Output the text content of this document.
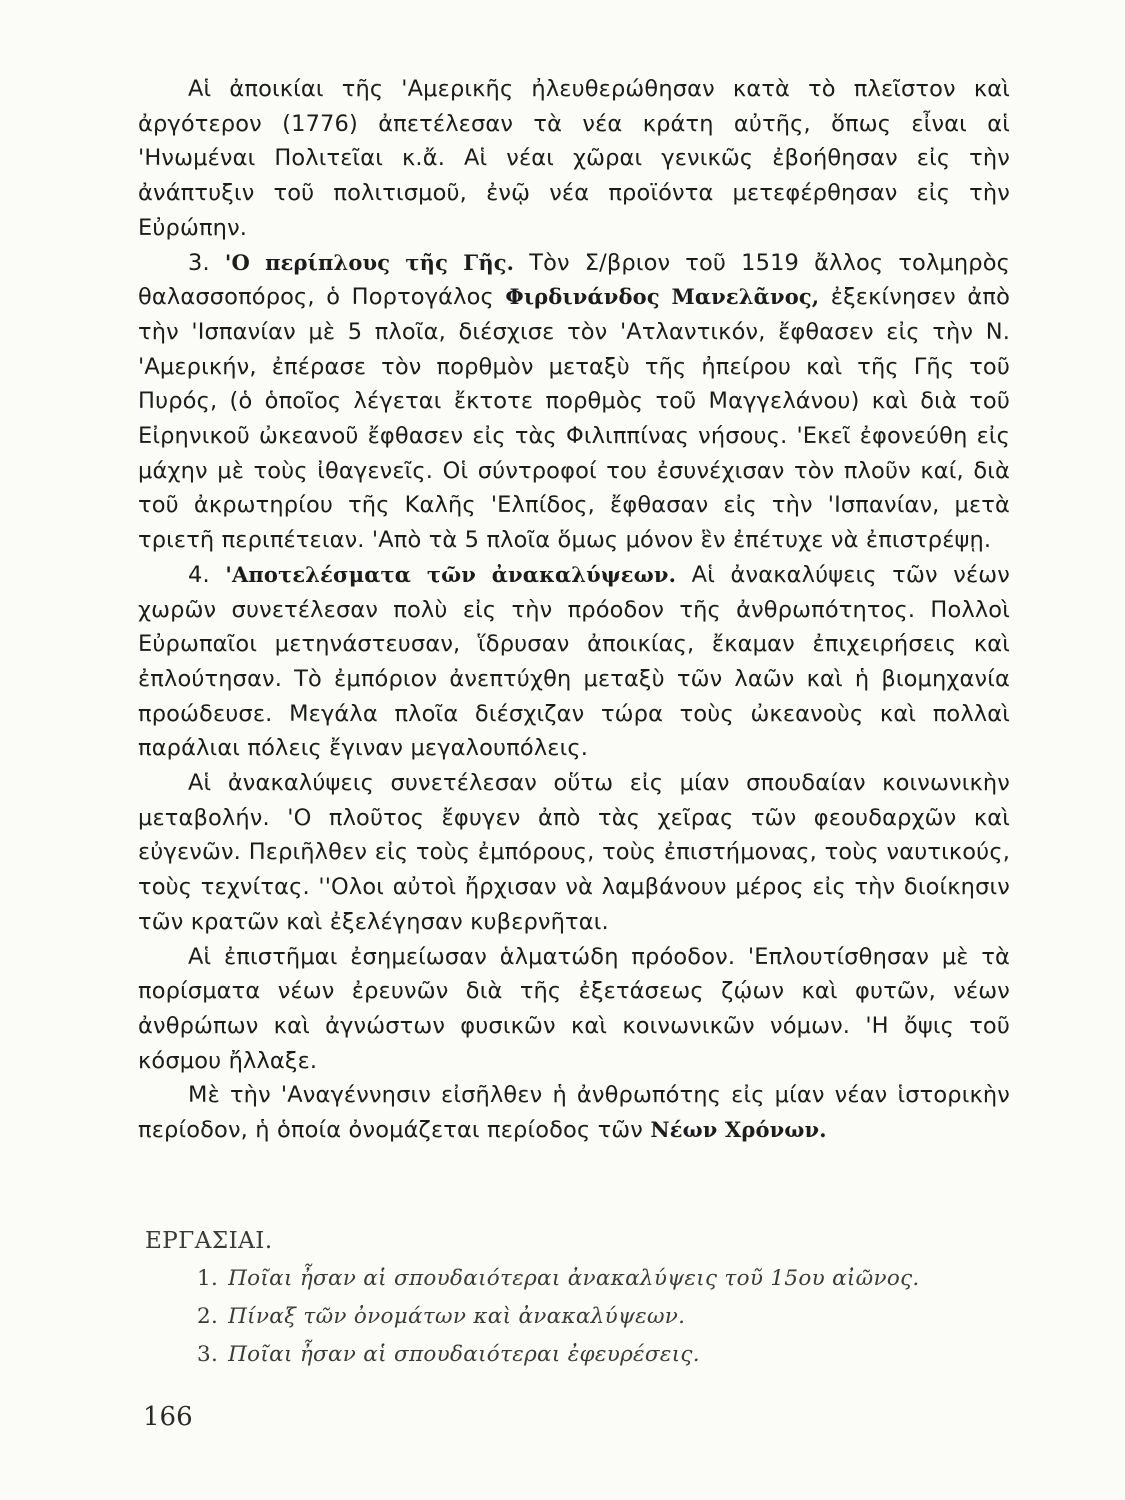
Αἱ ἀποικίαι τῆς 'Αμερικῆς ἠλευθερώθησαν κατὰ τὸ πλεῖστον καὶ ἀργότερον (1776) ἀπετέλεσαν τὰ νέα κράτη αὐτῆς, ὅπως εἶναι αἱ 'Ηνωμέναι Πολιτεῖαι κ.ἄ. Αἱ νέαι χῶραι γενικῶς ἐβοήθησαν εἰς τὴν ἀνάπτυξιν τοῦ πολιτισμοῦ, ἐνῷ νέα προϊόντα μετεφέρθησαν εἰς τὴν Εὐρώπην.

3. 'Ο περίπλους τῆς Γῆς. Τὸν Σ/βριον τοῦ 1519 ἄλλος τολμηρὸς θαλασσοπόρος, ὁ Πορτογάλος Φιρδινάνδος Μανελᾶνος, ἐξεκίνησεν ἀπὸ τὴν 'Ισπανίαν μὲ 5 πλοῖα, διέσχισε τὸν 'Ατλαντικόν, ἔφθασεν εἰς τὴν Ν. 'Αμερικήν, ἐπέρασε τὸν πορθμὸν μεταξὺ τῆς ἠπείρου καὶ τῆς Γῆς τοῦ Πυρός, (ὁ ὁποῖος λέγεται ἔκτοτε πορθμὸς τοῦ Μαγγελάνου) καὶ διὰ τοῦ Εἰρηνικοῦ ὠκεανοῦ ἔφθασεν εἰς τὰς Φιλιππίνας νήσους. 'Εκεῖ ἐφονεύθη εἰς μάχην μὲ τοὺς ἰθαγενεῖς. Οἱ σύντροφοί του ἐσυνέχισαν τὸν πλοῦν καί, διὰ τοῦ ἀκρωτηρίου τῆς Καλῆς 'Ελπίδος, ἔφθασαν εἰς τὴν 'Ισπανίαν, μετὰ τριετῆ περιπέτειαν. 'Απὸ τὰ 5 πλοῖα ὅμως μόνον ἓν ἐπέτυχε νὰ ἐπιστρέψῃ.

4. 'Αποτελέσματα τῶν ἀνακαλύψεων. Αἱ ἀνακαλύψεις τῶν νέων χωρῶν συνετέλεσαν πολὺ εἰς τὴν πρόοδον τῆς ἀνθρωπότητος. Πολλοὶ Εὐρωπαῖοι μετηνάστευσαν, ἵδρυσαν ἀποικίας, ἔκαμαν ἐπιχειρήσεις καὶ ἐπλούτησαν. Τὸ ἐμπόριον ἀνεπτύχθη μεταξὺ τῶν λαῶν καὶ ἡ βιομηχανία προώδευσε. Μεγάλα πλοῖα διέσχιζαν τώρα τοὺς ὠκεανοὺς καὶ πολλαὶ παράλιαι πόλεις ἔγιναν μεγαλουπόλεις.

Αἱ ἀνακαλύψεις συνετέλεσαν οὕτω εἰς μίαν σπουδαίαν κοινωνικὴν μεταβολήν. 'Ο πλοῦτος ἔφυγεν ἀπὸ τὰς χεῖρας τῶν φεουδαρχῶν καὶ εὐγενῶν. Περιῆλθεν εἰς τοὺς ἐμπόρους, τοὺς ἐπιστήμονας, τοὺς ναυτικούς, τοὺς τεχνίτας. ''Ολοι αὐτοὶ ἤρχισαν νὰ λαμβάνουν μέρος εἰς τὴν διοίκησιν τῶν κρατῶν καὶ ἐξελέγησαν κυβερνῆται.

Αἱ ἐπιστῆμαι ἐσημείωσαν ἁλματώδη πρόοδον. 'Επλουτίσθησαν μὲ τὰ πορίσματα νέων ἐρευνῶν διὰ τῆς ἐξετάσεως ζῴων καὶ φυτῶν, νέων ἀνθρώπων καὶ ἀγνώστων φυσικῶν καὶ κοινωνικῶν νόμων. 'Η ὄψις τοῦ κόσμου ἤλλαξε.

Μὲ τὴν 'Αναγέννησιν εἰσῆλθεν ἡ ἀνθρωπότης εἰς μίαν νέαν ἱστορικὴν περίοδον, ἡ ὁποία ὀνομάζεται περίοδος τῶν Νέων Χρόνων.

ΕΡΓΑΣΙΑΙ.
1. Ποῖαι ἦσαν αἱ σπουδαιότεραι ἀνακαλύψεις τοῦ 15ου αἰῶνος.
2. Πίναξ τῶν ὀνομάτων καὶ ἀνακαλύψεων.
3. Ποῖαι ἦσαν αἱ σπουδαιότεραι ἐφευρέσεις.
166
